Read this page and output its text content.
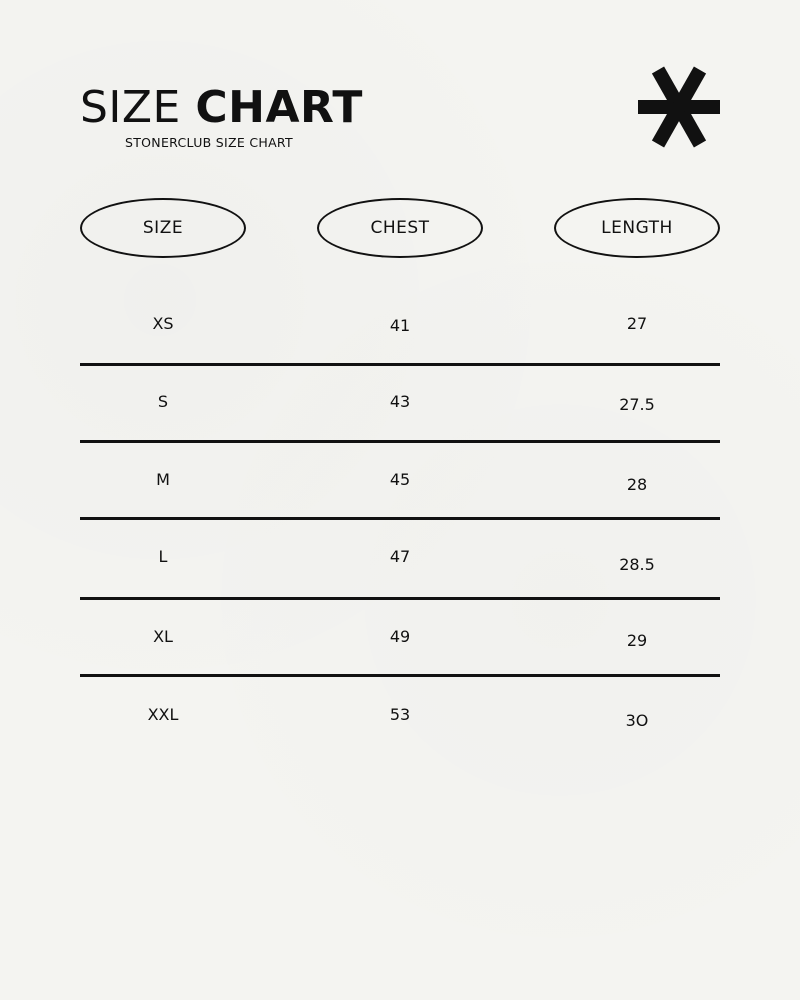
SIZE CHART
STONERCLUB SIZE CHART
SIZE	CHEST	LENGTH
XS	41	27
S	43	27.5
M	45	28
L	47	28.5
XL	49	29
XXL	53	3O
